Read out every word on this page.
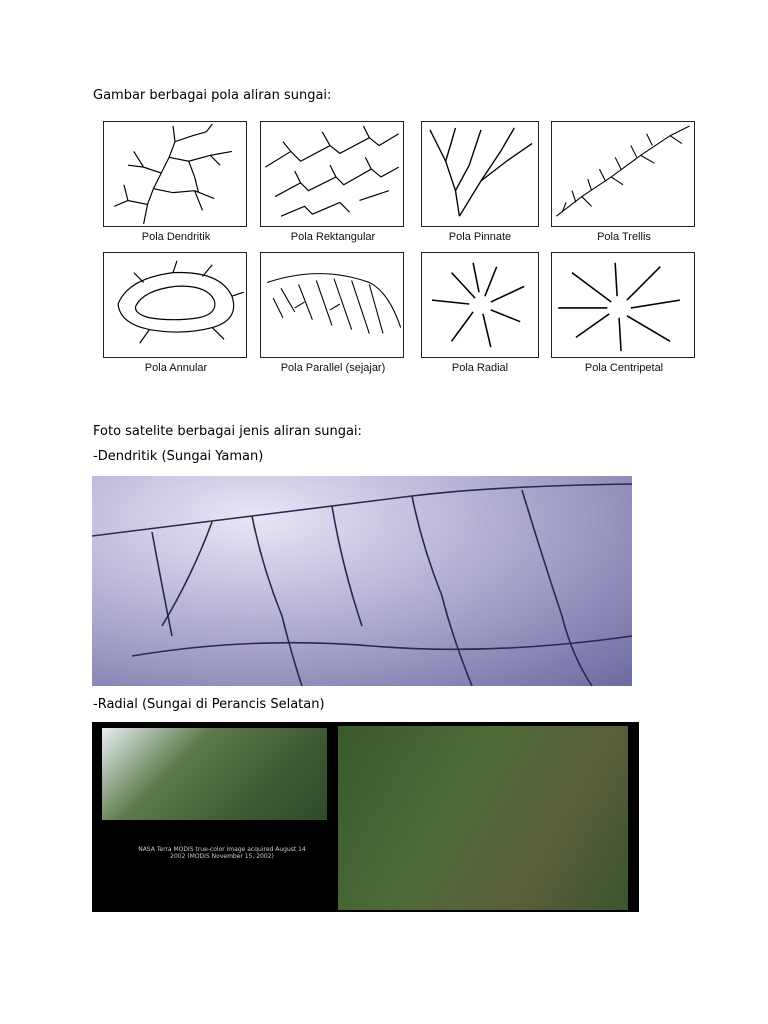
Gambar berbagai pola aliran sungai:
Pola Dendritik	Pola Rektangular	Pola Pinnate	Pola Trellis
Pola Annular	Pola Parallel (sejajar)	Pola Radial	Pola Centripetal
Foto satelite berbagai jenis aliran sungai:
-Dendritik (Sungai Yaman)
-Radial (Sungai di Perancis Selatan)
NASA Terra MODIS true-color image acquired August 14 2002 (MODIS November 15, 2002)
